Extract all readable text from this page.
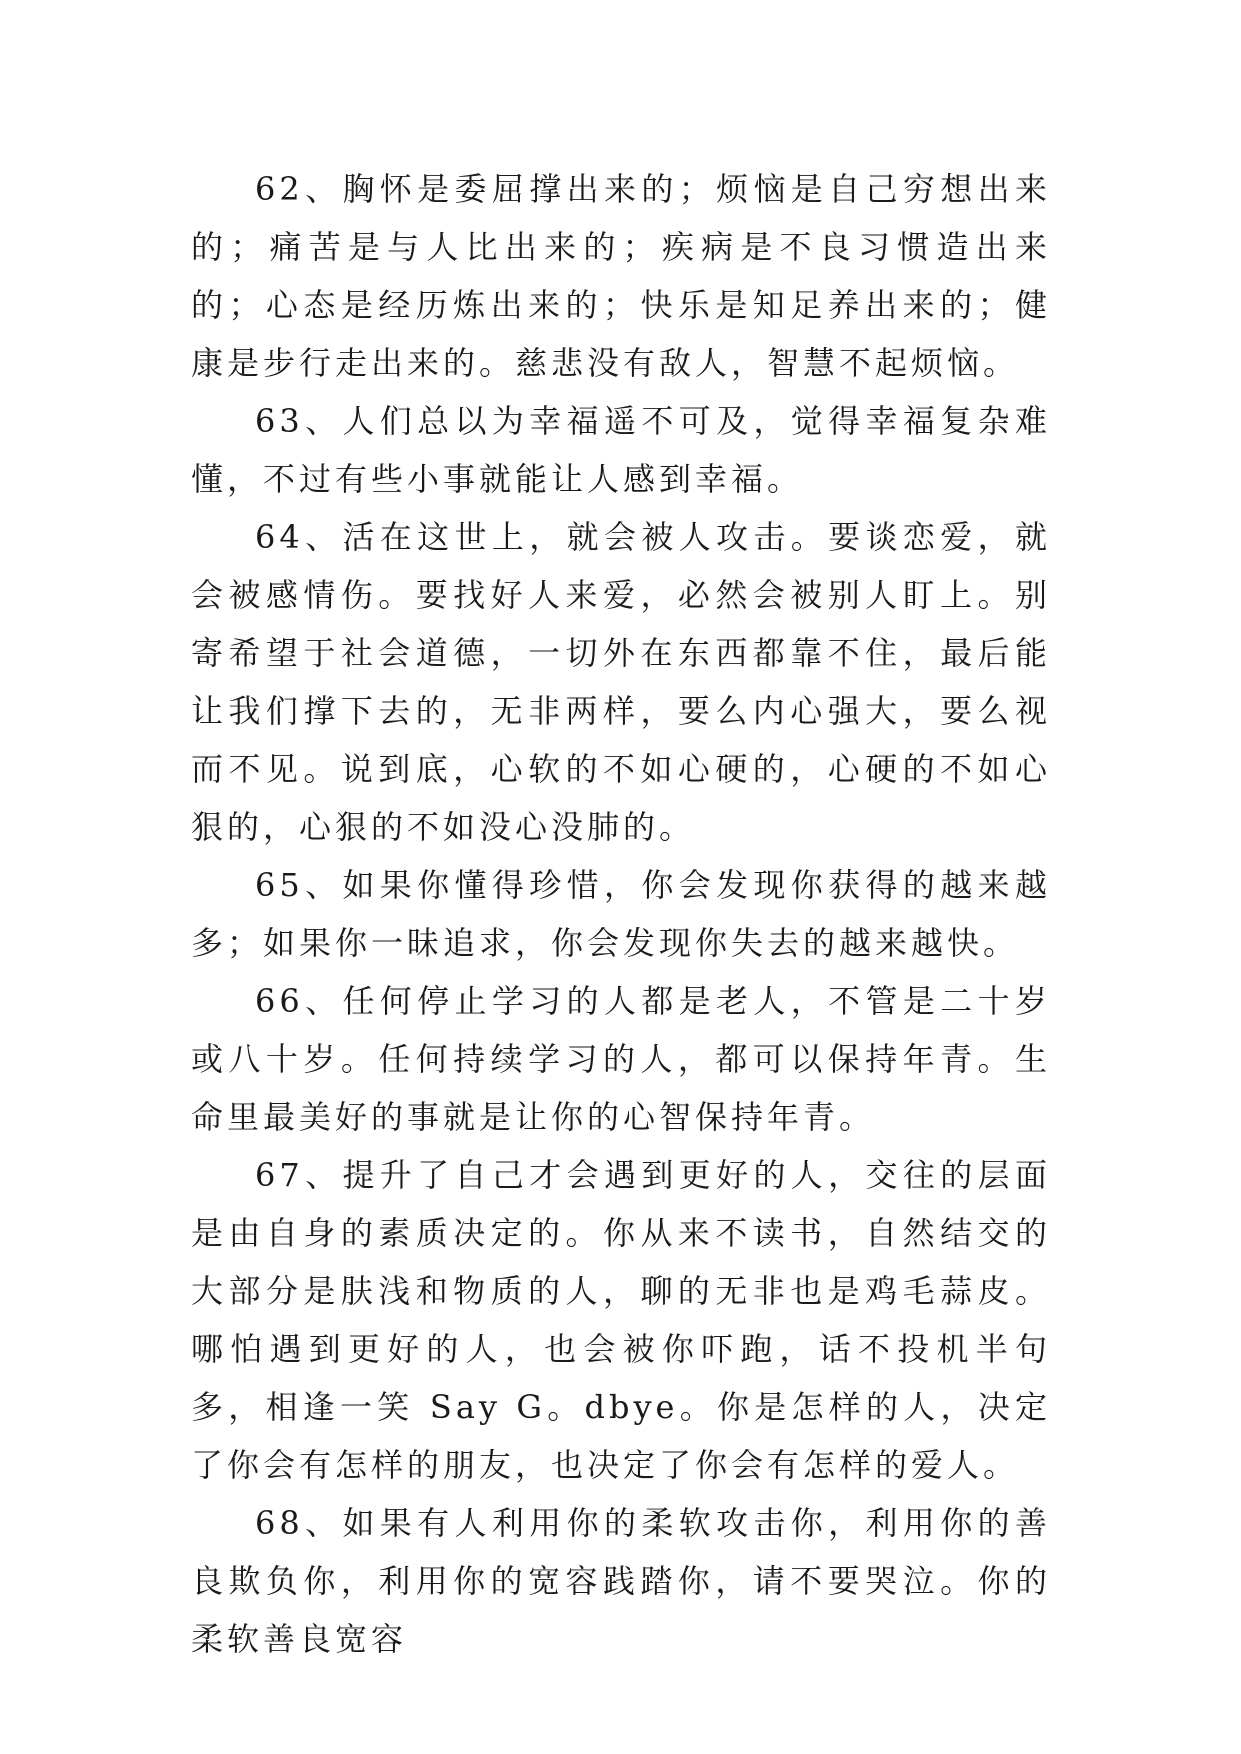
62、胸怀是委屈撑出来的；烦恼是自己穷想出来的；痛苦是与人比出来的；疾病是不良习惯造出来的；心态是经历炼出来的；快乐是知足养出来的；健康是步行走出来的。慈悲没有敌人，智慧不起烦恼。

63、人们总以为幸福遥不可及，觉得幸福复杂难懂，不过有些小事就能让人感到幸福。

64、活在这世上，就会被人攻击。要谈恋爱，就会被感情伤。要找好人来爱，必然会被别人盯上。别寄希望于社会道德，一切外在东西都靠不住，最后能让我们撑下去的，无非两样，要么内心强大，要么视而不见。说到底，心软的不如心硬的，心硬的不如心狠的，心狠的不如没心没肺的。

65、如果你懂得珍惜，你会发现你获得的越来越多；如果你一昧追求，你会发现你失去的越来越快。

66、任何停止学习的人都是老人，不管是二十岁或八十岁。任何持续学习的人，都可以保持年青。生命里最美好的事就是让你的心智保持年青。

67、提升了自己才会遇到更好的人，交往的层面是由自身的素质决定的。你从来不读书，自然结交的大部分是肤浅和物质的人，聊的无非也是鸡毛蒜皮。哪怕遇到更好的人，也会被你吓跑，话不投机半句多，相逢一笑 Say G。dbye。你是怎样的人，决定了你会有怎样的朋友，也决定了你会有怎样的爱人。

68、如果有人利用你的柔软攻击你，利用你的善良欺负你，利用你的宽容践踏你，请不要哭泣。你的柔软善良宽容
